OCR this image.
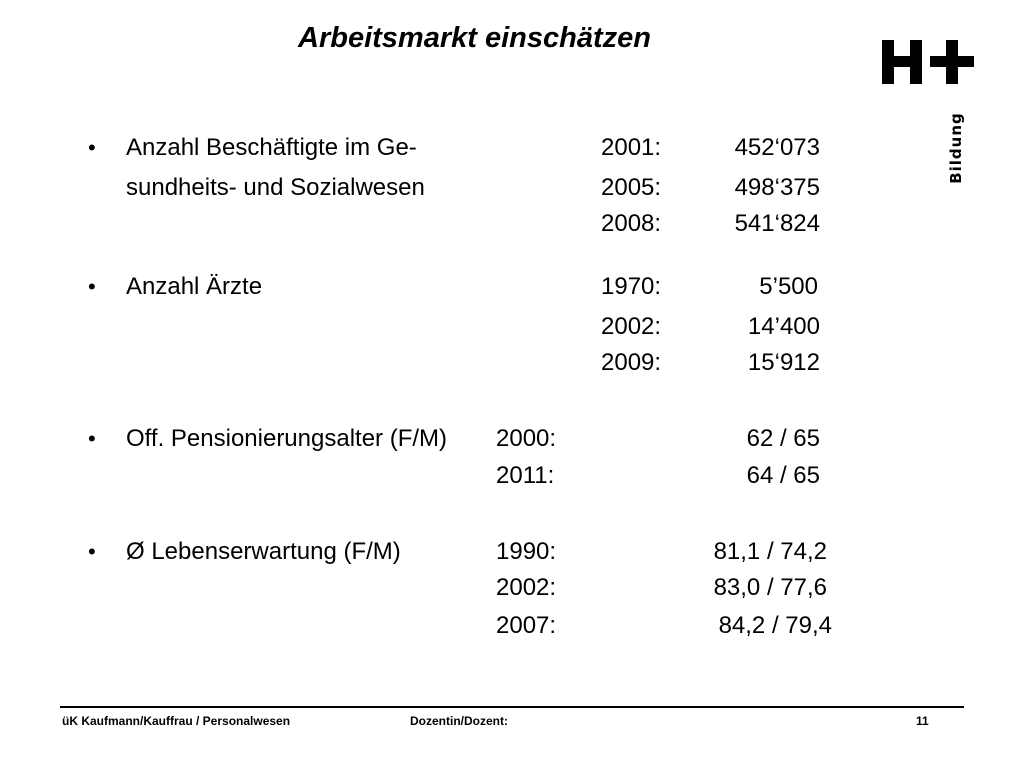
Arbeitsmarkt einschätzen
Bildung
• Anzahl Beschäftigte im Ge-
sundheits- und Sozialwesen
2001:	452‘073
2005:	498‘375
2008:	541‘824
• Anzahl Ärzte	1970:	5’500
2002:	14’400
2009:	15‘912
• Off. Pensionierungsalter (F/M) 2000:	62 / 65
2011:	64 / 65
• Ø Lebenserwartung (F/M)	1990:	81,1 / 74,2
2002:	83,0 / 77,6
2007:	84,2 / 79,4
üK Kaufmann/Kauffrau / Personalwesen	Dozentin/Dozent:	11
